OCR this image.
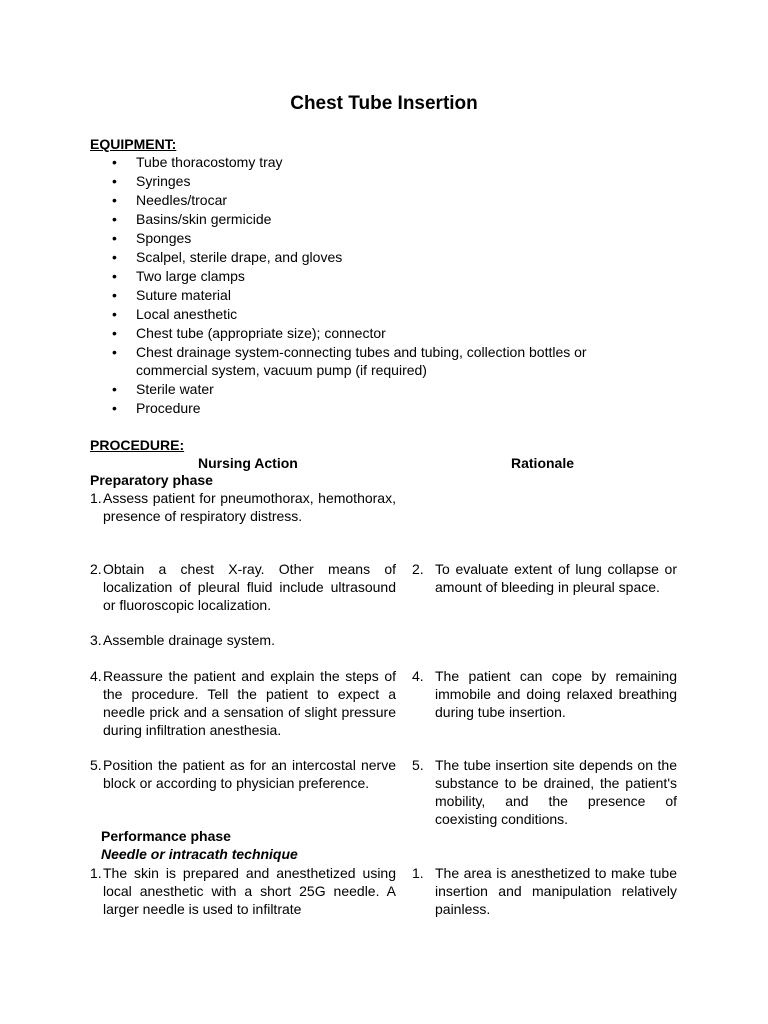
Chest Tube Insertion
EQUIPMENT:
• Tube thoracostomy tray
• Syringes
• Needles/trocar
• Basins/skin germicide
• Sponges
• Scalpel, sterile drape, and gloves
• Two large clamps
• Suture material
• Local anesthetic
• Chest tube (appropriate size); connector
• Chest drainage system-connecting tubes and tubing, collection bottles or commercial system, vacuum pump (if required)
• Sterile water
• Procedure
PROCEDURE:
Nursing Action	Rationale
Preparatory phase
1. Assess patient for pneumothorax, hemothorax, presence of respiratory distress.
2. Obtain a chest X-ray. Other means of localization of pleural fluid include ultrasound or fluoroscopic localization.
2. To evaluate extent of lung collapse or amount of bleeding in pleural space.
3. Assemble drainage system.
4. Reassure the patient and explain the steps of the procedure. Tell the patient to expect a needle prick and a sensation of slight pressure during infiltration anesthesia.
4. The patient can cope by remaining immobile and doing relaxed breathing during tube insertion.
5. Position the patient as for an intercostal nerve block or according to physician preference.
5. The tube insertion site depends on the substance to be drained, the patient's mobility, and the presence of coexisting conditions.
Performance phase
Needle or intracath technique
1. The skin is prepared and anesthetized using local anesthetic with a short 25G needle. A larger needle is used to infiltrate
1. The area is anesthetized to make tube insertion and manipulation relatively painless.
